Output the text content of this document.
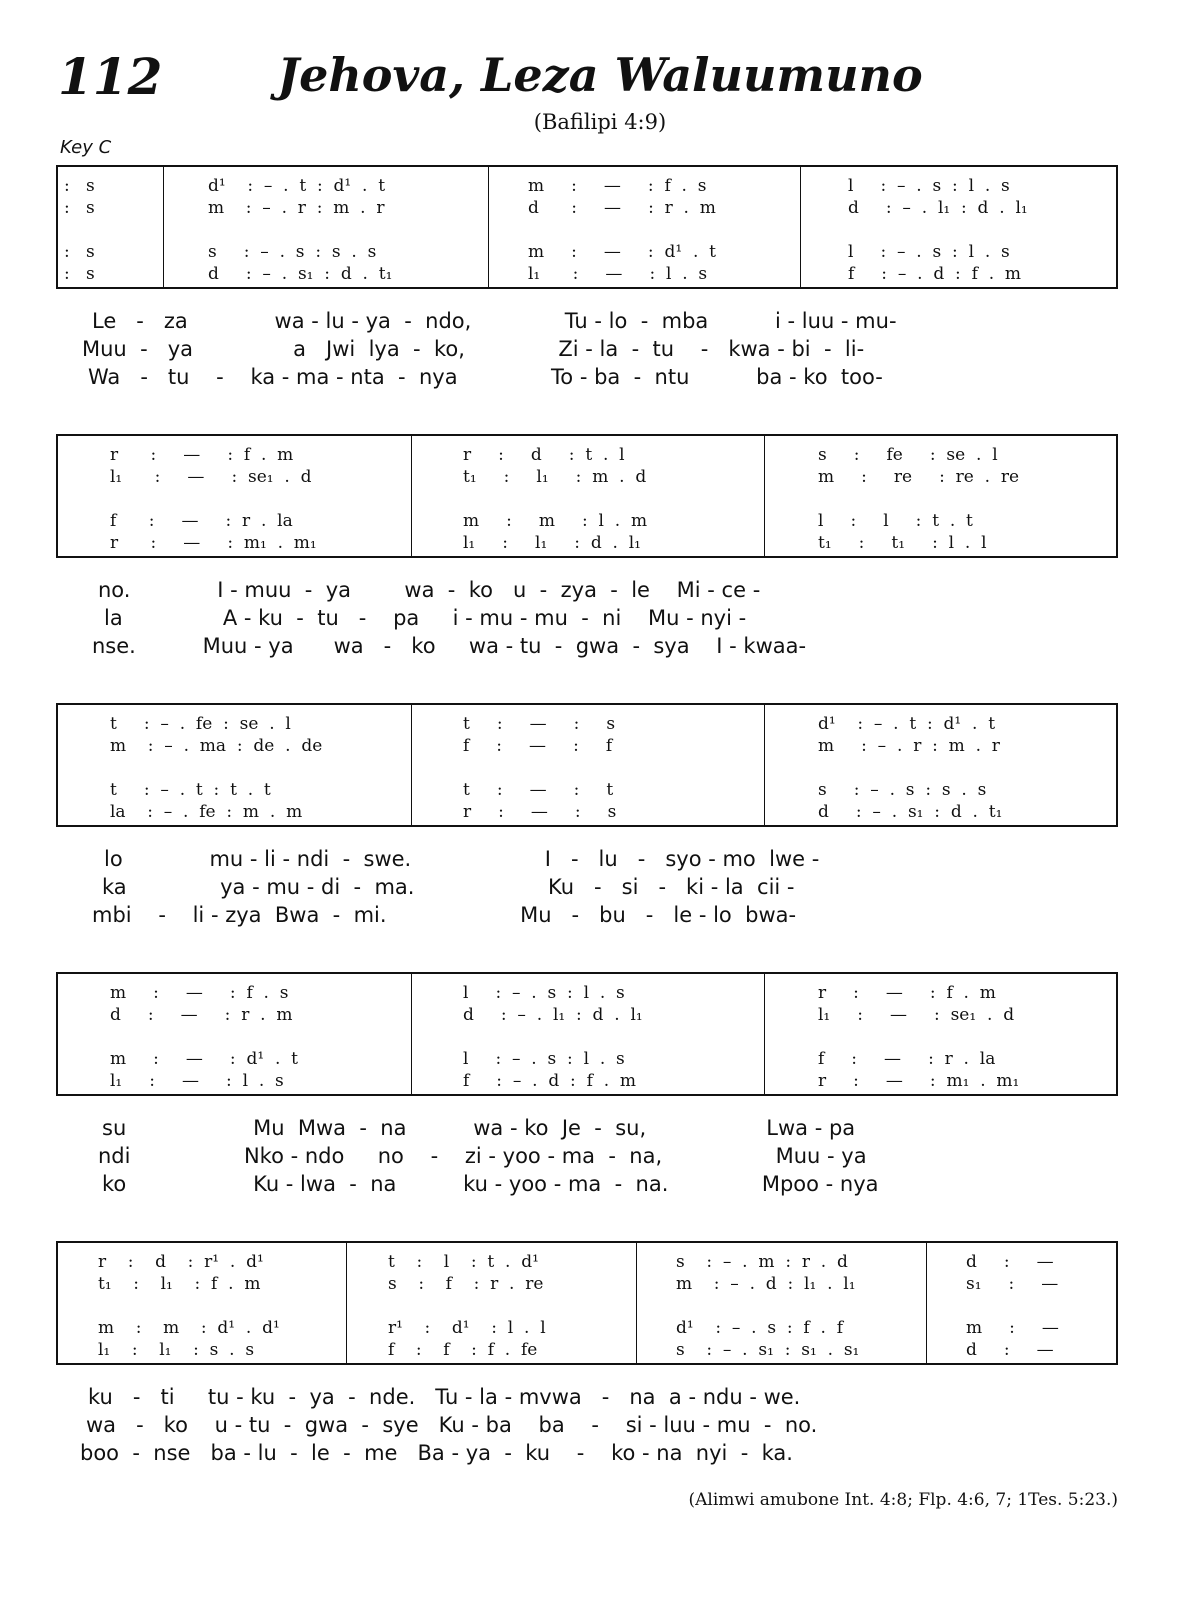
112	Jehova, Leza Waluumuno
(Bafilipi 4:9)
Key C
:   s
:   s

:   s
:   s
d¹    :  –  .  t  :  d¹  .  t
m    :  –  .  r  :  m  .  r

s     :  –  .  s  :  s  .  s
d     :  –  .  s₁  :  d  .  t₁
m     :     —     :  f  .  s
d      :     —     :  r  .  m

m     :     —     :  d¹  .  t
l₁      :     —     :  l  .  s
l     :  –  .  s  :  l  .  s
d     :  –  .  l₁  :  d  .  l₁

l     :  –  .  s  :  l  .  s
f     :  –  .  d  :  f  .  m
Le   -   za             wa - lu - ya  -  ndo,              Tu - lo  -  mba          i - luu - mu-
Muu  -   ya               a   Jwi  lya  -  ko,              Zi - la  -  tu    -   kwa - bi  -  li-
Wa   -   tu    -    ka - ma - nta  -  nya              To - ba  -  ntu          ba - ko  too-
r      :     —     :  f  .  m
l₁      :     —     :  se₁  .  d

f      :     —     :  r  .  la
r      :     —     :  m₁  .  m₁
r     :     d     :  t  .  l
t₁     :     l₁     :  m  .  d

m     :     m     :  l  .  m
l₁     :     l₁     :  d  .  l₁
s     :     fe     :  se  .  l
m     :     re     :  re  .  re

l     :     l     :  t  .  t
t₁     :     t₁     :  l  .  l
no.             I - muu  -  ya        wa  -  ko   u  -  zya  -  le    Mi - ce -
la               A - ku  -  tu   -    pa     i - mu - mu  -  ni    Mu - nyi -
nse.          Muu - ya      wa   -   ko     wa - tu  -  gwa  -  sya    I - kwaa-
t     :  –  .  fe  :  se  .  l
m    :  –  .  ma  :  de  .  de

t     :  –  .  t  :  t  .  t
la    :  –  .  fe  :  m  .  m
t     :     —     :     s
f     :     —     :     f

t     :     —     :     t
r     :     —     :     s
d¹    :  –  .  t  :  d¹  .  t
m     :  –  .  r  :  m  .  r

s     :  –  .  s  :  s  .  s
d     :  –  .  s₁  :  d  .  t₁
lo             mu - li - ndi  -  swe.                    I   -   lu   -   syo - mo  lwe -
ka              ya - mu - di  -  ma.                    Ku   -   si   -   ki - la  cii -
mbi    -    li - zya  Bwa  -  mi.                    Mu   -   bu   -   le - lo  bwa-
m     :     —     :  f  .  s
d     :     —     :  r  .  m

m     :     —     :  d¹  .  t
l₁     :     —     :  l  .  s
l     :  –  .  s  :  l  .  s
d     :  –  .  l₁  :  d  .  l₁

l     :  –  .  s  :  l  .  s
f     :  –  .  d  :  f  .  m
r     :     —     :  f  .  m
l₁     :     —     :  se₁  .  d

f     :     —     :  r  .  la
r     :     —     :  m₁  .  m₁
su                   Mu  Mwa  -  na          wa - ko  Je  -  su,                  Lwa - pa
ndi                 Nko - ndo     no    -    zi - yoo - ma  -  na,                 Muu - ya
ko                   Ku - lwa  -  na          ku - yoo - ma  -  na.              Mpoo - nya
r    :    d    :  r¹  .  d¹
t₁    :    l₁    :  f  .  m

m    :    m    :  d¹  .  d¹
l₁    :    l₁    :  s  .  s
t    :    l    :  t  .  d¹
s    :    f    :  r  .  re

r¹    :    d¹    :  l  .  l
f    :    f    :  f  .  fe
s    :  –  .  m  :  r  .  d
m    :  –  .  d  :  l₁  .  l₁

d¹    :  –  .  s  :  f  .  f
s    :  –  .  s₁  :  s₁  .  s₁
d     :     —
s₁     :     —

m     :     —
d     :     —
ku   -   ti     tu - ku  -  ya  -  nde.   Tu - la - mvwa   -   na  a - ndu - we.
wa   -   ko    u - tu  -  gwa  -  sye   Ku - ba    ba    -    si - luu - mu  -  no.
boo  -  nse   ba - lu  -  le  -  me   Ba - ya  -  ku    -    ko - na  nyi  -  ka.
(Alimwi amubone Int. 4:8; Flp. 4:6, 7; 1Tes. 5:23.)
